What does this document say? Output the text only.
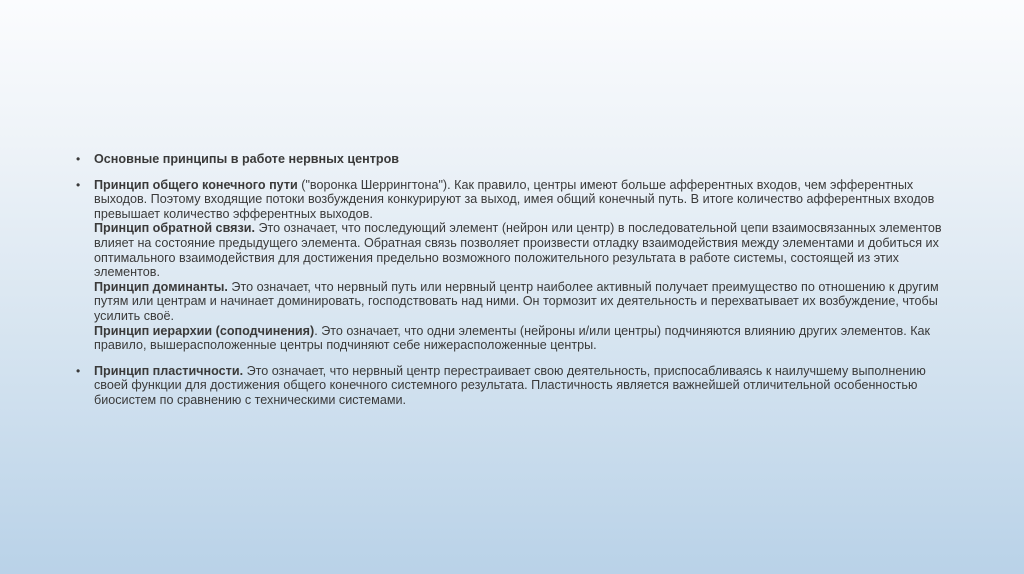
• Основные принципы в работе нервных центров
• Принцип общего конечного пути ("воронка Шеррингтона"). Как правило, центры имеют больше афферентных входов, чем эфферентных выходов. Поэтому входящие потоки возбуждения конкурируют за выход, имея общий конечный путь. В итоге количество афферентных входов превышает количество эфферентных выходов.
Принцип обратной связи. Это означает, что последующий элемент (нейрон или центр) в последовательной цепи взаимосвязанных элементов влияет на состояние предыдущего элемента. Обратная связь позволяет произвести отладку взаимодействия между элементами и добиться их оптимального взаимодействия для достижения предельно возможного положительного результата в работе системы, состоящей из этих элементов.
Принцип доминанты. Это означает, что нервный путь или нервный центр наиболее активный получает преимущество по отношению к другим путям или центрам и начинает доминировать, господствовать над ними. Он тормозит их деятельность и перехватывает их возбуждение, чтобы усилить своё.
Принцип иерархии (соподчинения). Это означает, что одни элементы (нейроны и/или центры) подчиняются влиянию других элементов. Как правило, вышерасположенные центры подчиняют себе нижерасположенные центры.
• Принцип пластичности. Это означает, что нервный центр перестраивает свою деятельность, приспосабливаясь к наилучшему выполнению своей функции для достижения общего конечного системного результата. Пластичность является важнейшей отличительной особенностью биосистем по сравнению с техническими системами.
